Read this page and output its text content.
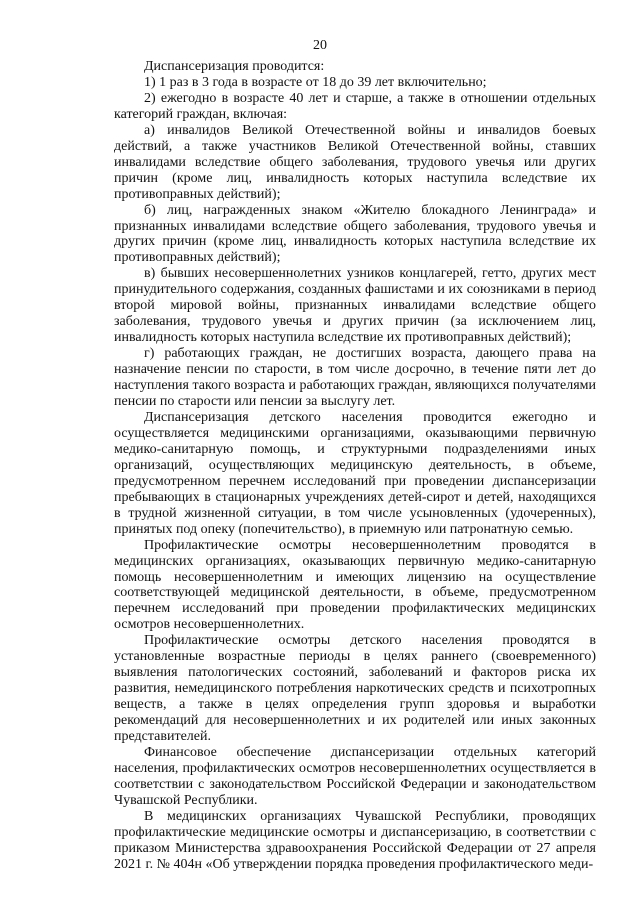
20

Диспансеризация проводится:

1) 1 раз в 3 года в возрасте от 18 до 39 лет включительно;

2) ежегодно в возрасте 40 лет и старше, а также в отношении отдельных категорий граждан, включая:

а) инвалидов Великой Отечественной войны и инвалидов боевых действий, а также участников Великой Отечественной войны, ставших инвалидами вследствие общего заболевания, трудового увечья или других причин (кроме лиц, инвалидность которых наступила вследствие их противоправных действий);

б) лиц, награжденных знаком «Жителю блокадного Ленинграда» и признанных инвалидами вследствие общего заболевания, трудового увечья и других причин (кроме лиц, инвалидность которых наступила вследствие их противоправных действий);

в) бывших несовершеннолетних узников концлагерей, гетто, других мест принудительного содержания, созданных фашистами и их союзниками в период второй мировой войны, признанных инвалидами вследствие общего заболевания, трудового увечья и других причин (за исключением лиц, инвалидность которых наступила вследствие их противоправных действий);

г) работающих граждан, не достигших возраста, дающего права на назначение пенсии по старости, в том числе досрочно, в течение пяти лет до наступления такого возраста и работающих граждан, являющихся получателями пенсии по старости или пенсии за выслугу лет.

Диспансеризация детского населения проводится ежегодно и осуществляется медицинскими организациями, оказывающими первичную медико-санитарную помощь, и структурными подразделениями иных организаций, осуществляющих медицинскую деятельность, в объеме, предусмотренном перечнем исследований при проведении диспансеризации пребывающих в стационарных учреждениях детей-сирот и детей, находящихся в трудной жизненной ситуации, в том числе усыновленных (удочеренных), принятых под опеку (попечительство), в приемную или патронатную семью.

Профилактические осмотры несовершеннолетним проводятся в медицинских организациях, оказывающих первичную медико-санитарную помощь несовершеннолетним и имеющих лицензию на осуществление соответствующей медицинской деятельности, в объеме, предусмотренном перечнем исследований при проведении профилактических медицинских осмотров несовершеннолетних.

Профилактические осмотры детского населения проводятся в установленные возрастные периоды в целях раннего (своевременного) выявления патологических состояний, заболеваний и факторов риска их развития, немедицинского потребления наркотических средств и психотропных веществ, а также в целях определения групп здоровья и выработки рекомендаций для несовершеннолетних и их родителей или иных законных представителей.

Финансовое обеспечение диспансеризации отдельных категорий населения, профилактических осмотров несовершеннолетних осуществляется в соответствии с законодательством Российской Федерации и законодательством Чувашской Республики.

В медицинских организациях Чувашской Республики, проводящих профилактические медицинские осмотры и диспансеризацию, в соответствии с приказом Министерства здравоохранения Российской Федерации от 27 апреля 2021 г. № 404н «Об утверждении порядка проведения профилактического меди-
